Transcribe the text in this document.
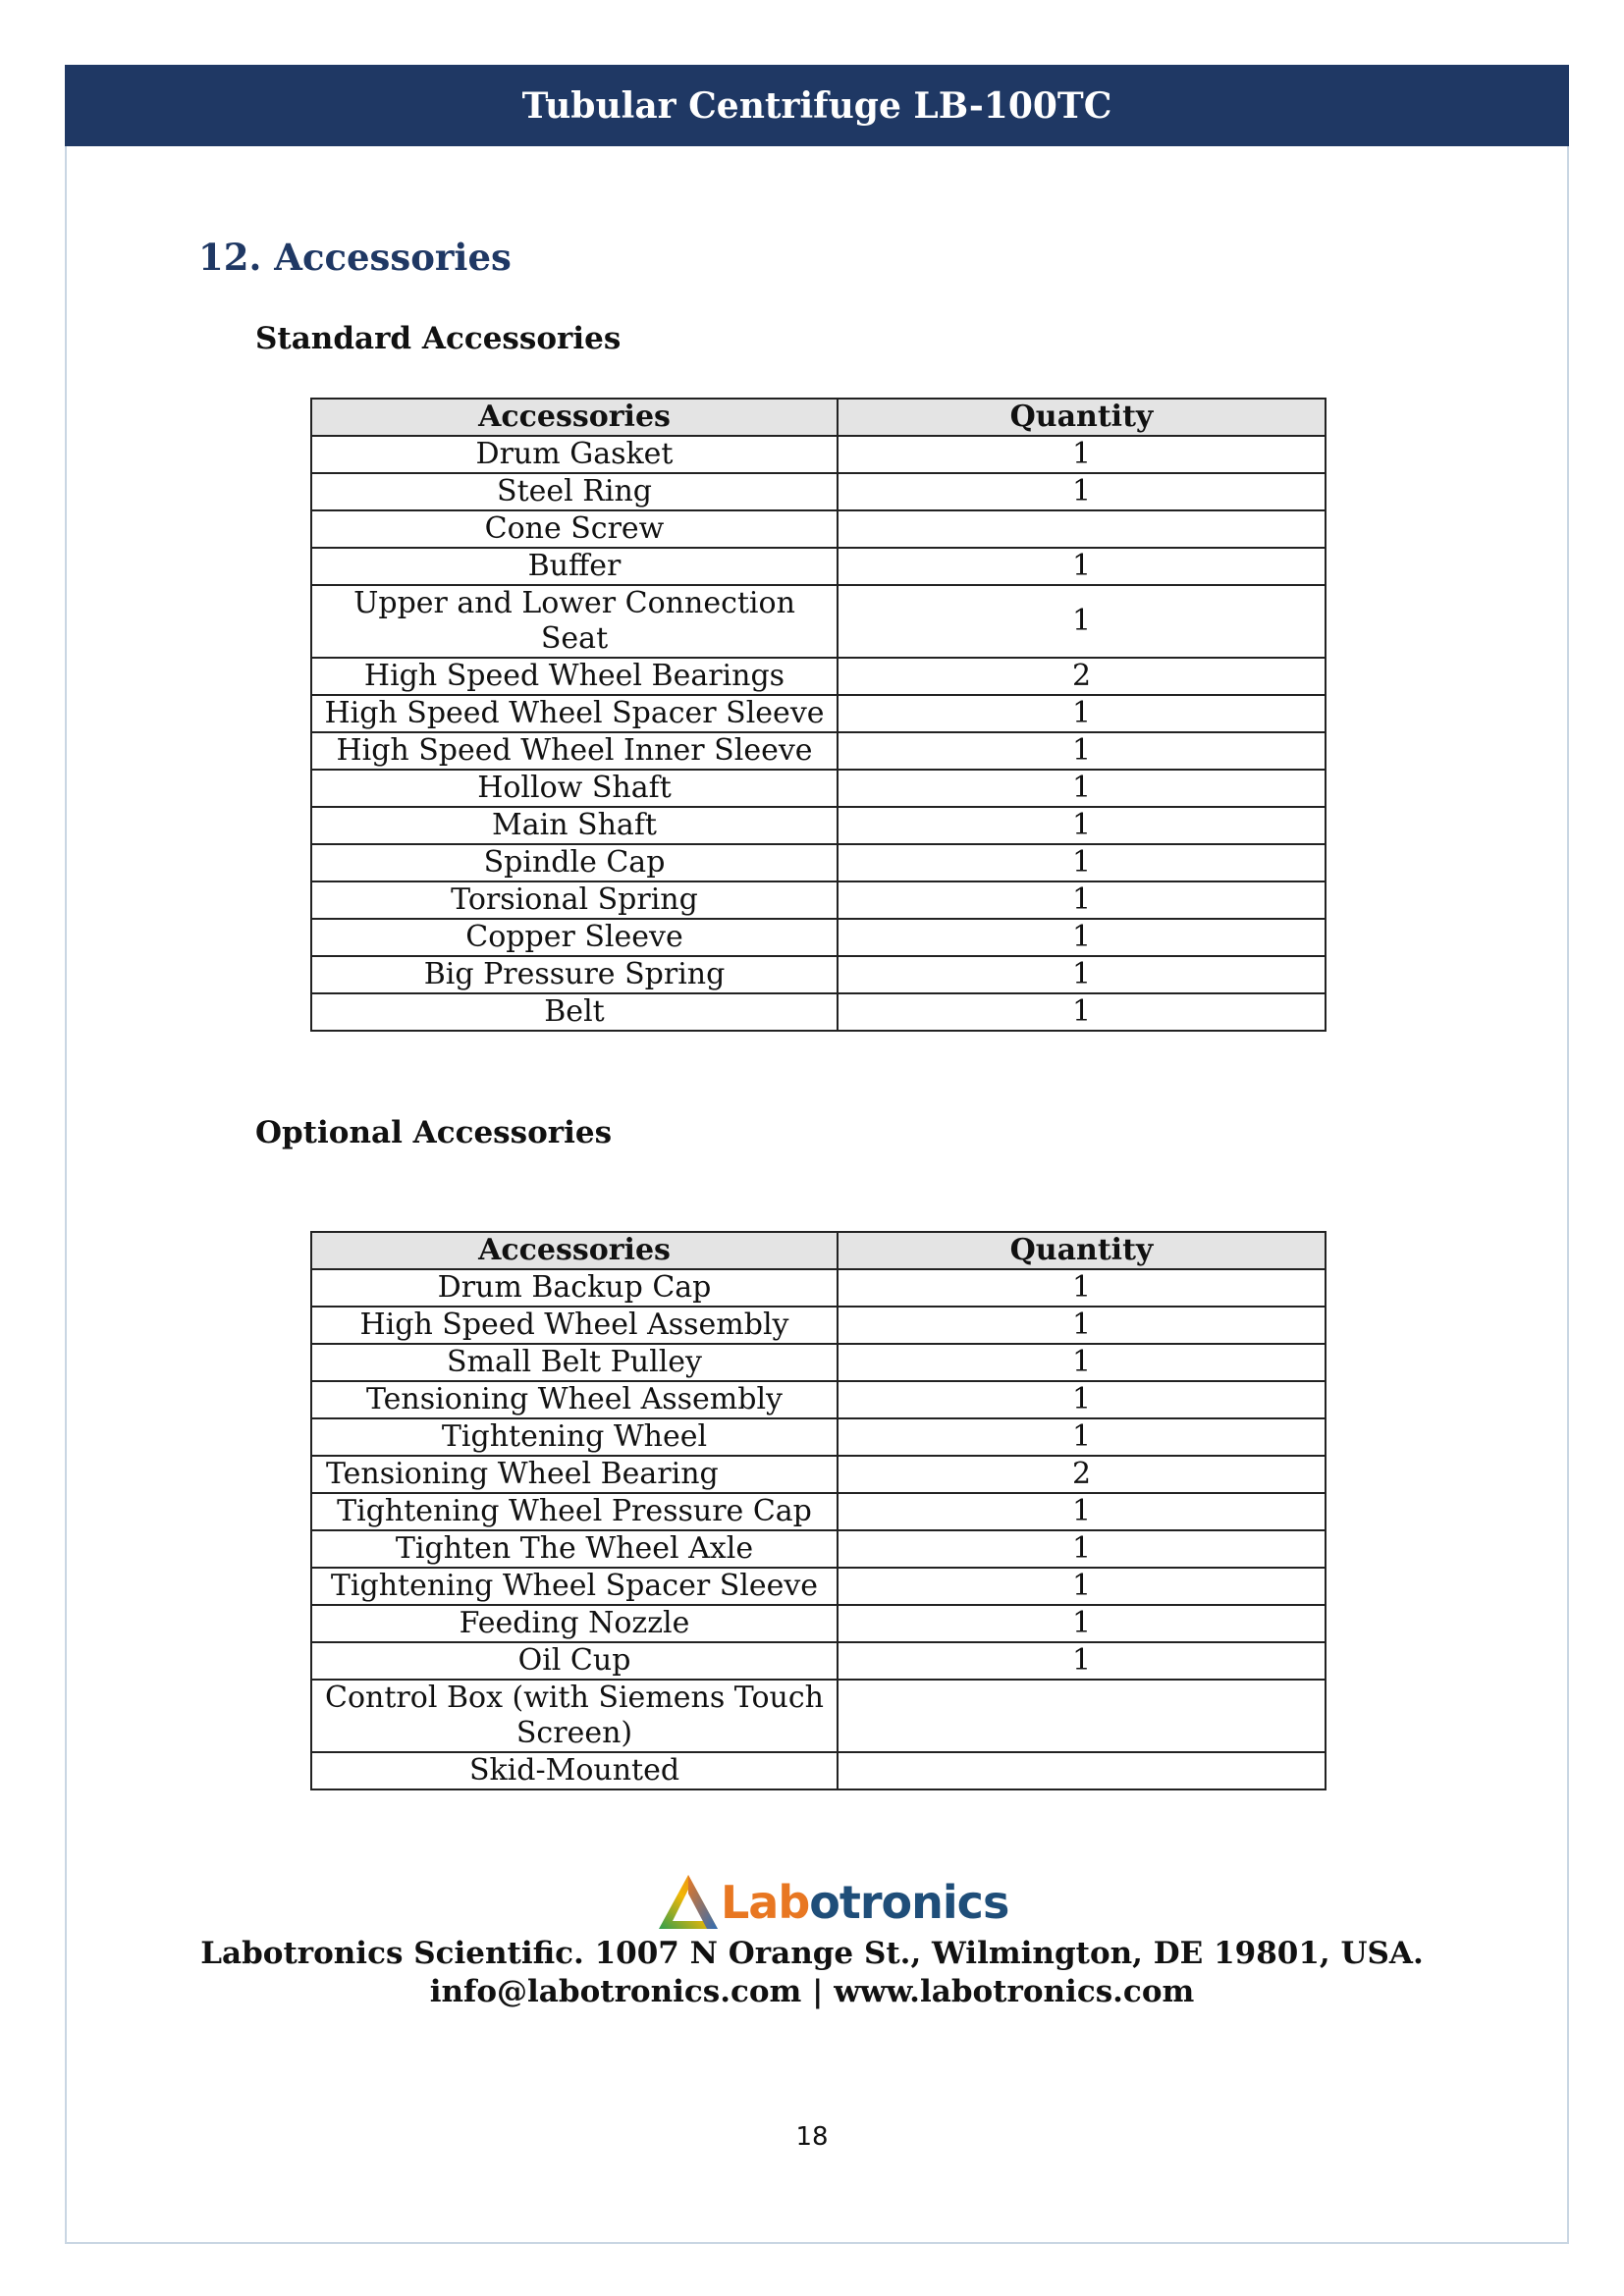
Tubular Centrifuge LB-100TC
12. Accessories
Standard Accessories
Accessories	Quantity
Drum Gasket	1
Steel Ring	1
Cone Screw	
Buffer	1
Upper and Lower Connection Seat	1
High Speed Wheel Bearings	2
High Speed Wheel Spacer Sleeve	1
High Speed Wheel Inner Sleeve	1
Hollow Shaft	1
Main Shaft	1
Spindle Cap	1
Torsional Spring	1
Copper Sleeve	1
Big Pressure Spring	1
Belt	1
Optional Accessories
Accessories	Quantity
Drum Backup Cap	1
High Speed Wheel Assembly	1
Small Belt Pulley	1
Tensioning Wheel Assembly	1
Tightening Wheel	1
Tensioning Wheel Bearing	2
Tightening Wheel Pressure Cap	1
Tighten The Wheel Axle	1
Tightening Wheel Spacer Sleeve	1
Feeding Nozzle	1
Oil Cup	1
Control Box (with Siemens Touch Screen)	
Skid-Mounted	
Labotronics
Labotronics Scientific. 1007 N Orange St., Wilmington, DE 19801, USA.
info@labotronics.com | www.labotronics.com
18
